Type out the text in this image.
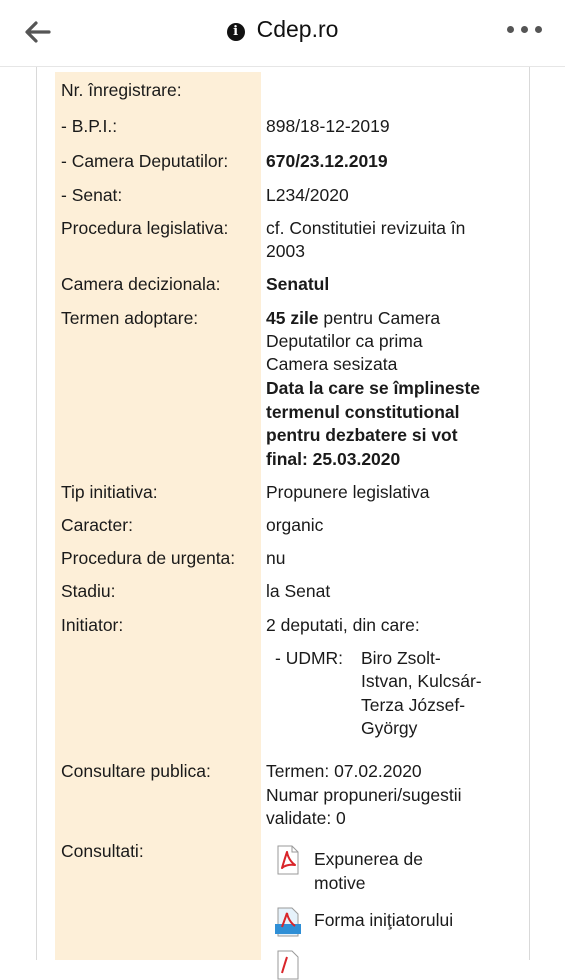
i Cdep.ro
Nr. înregistrare:
- B.P.I.:	898/18-12-2019
- Camera Deputatilor: 670/23.12.2019
- Senat:	L234/2020
Procedura legislativa: cf. Constitutiei revizuita în
2003
Camera decizionala:	Senatul
Termen adoptare:	45 zile pentru Camera
Deputatilor ca prima
Camera sesizata
Data la care se împlineste
termenul constitutional
pentru dezbatere si vot
final: 25.03.2020
Tip initiativa:	Propunere legislativa
Caracter:	organic
Procedura de urgenta: nu
Stadiu:	la Senat
Initiator:	2 deputati, din care:
- UDMR: Biro Zsolt-
Istvan, Kulcsár-
Terza József-
György
Consultare publica:	Termen: 07.02.2020
Numar propuneri/sugestii
validate: 0
Consultati:	Expunerea de
motive
Forma iniţiatorului
